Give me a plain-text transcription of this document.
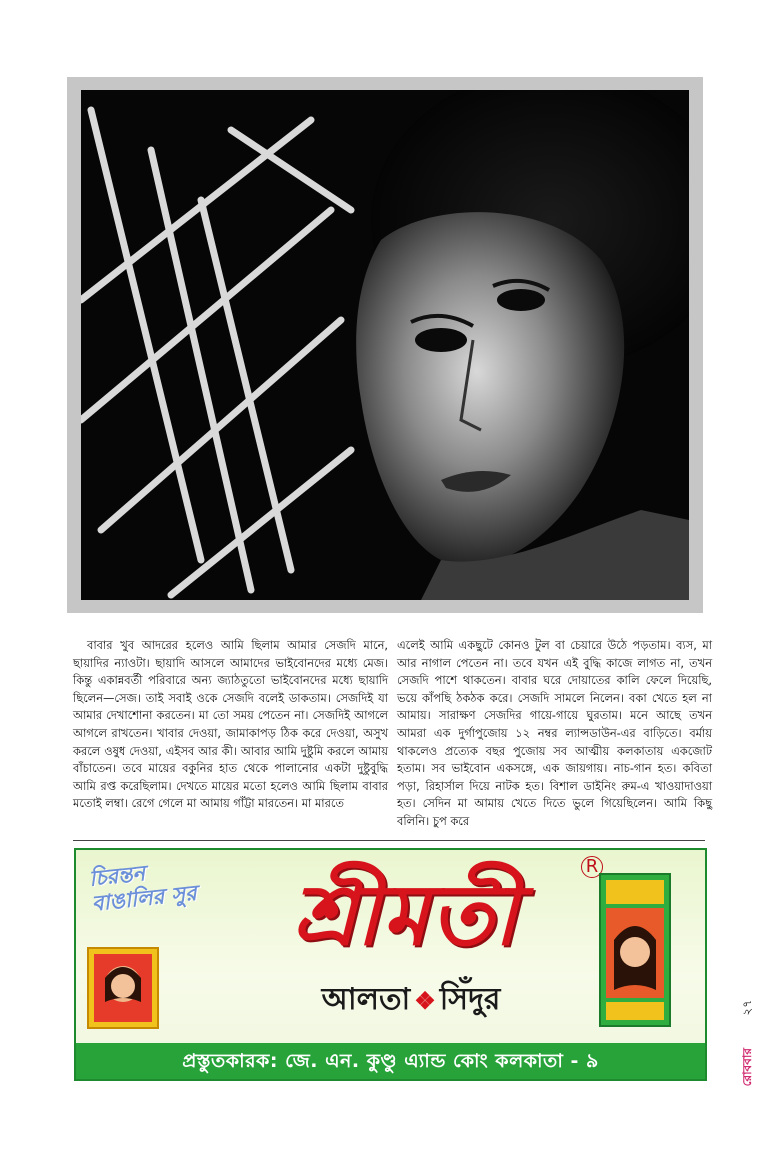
বাবার খুব আদরের হলেও আমি ছিলাম আমার সেজদি মানে, ছায়াদির ন্যাওটা। ছায়াদি আসলে আমাদের ভাইবোনদের মধ্যে মেজ। কিন্তু একান্নবর্তী পরিবারে অন্য জ্যাঠতুতো ভাইবোনদের মধ্যে ছায়াদি ছিলেন—সেজ। তাই সবাই ওকে সেজদি বলেই ডাকতাম। সেজদিই যা আমার দেখাশোনা করতেন। মা তো সময় পেতেন না। সেজদিই আগলে আগলে রাখতেন। খাবার দেওয়া, জামাকাপড় ঠিক করে দেওয়া, অসুখ করলে ওষুধ দেওয়া, এইসব আর কী। আবার আমি দুষ্টুমি করলে আমায় বাঁচাতেন। তবে মায়ের বকুনির হাত থেকে পালানোর একটা দুষ্টুবুদ্ধি আমি রপ্ত করেছিলাম। দেখতে মায়ের মতো হলেও আমি ছিলাম বাবার মতোই লম্বা। রেগে গেলে মা আমায় গাঁট্টা মারতেন। মা মারতে

এলেই আমি একছুটে কোনও টুল বা চেয়ারে উঠে পড়তাম। ব্যস, মা আর নাগাল পেতেন না। তবে যখন এই বুদ্ধি কাজে লাগত না, তখন সেজদি পাশে থাকতেন। বাবার ঘরে দোয়াতের কালি ফেলে দিয়েছি, ভয়ে কাঁপছি ঠকঠক করে। সেজদি সামলে নিলেন। বকা খেতে হল না আমায়। সারাক্ষণ সেজদির গায়ে-গায়ে ঘুরতাম। মনে আছে তখন আমরা এক দুর্গাপুজোয় ১২ নম্বর ল্যান্সডাউন-এর বাড়িতে। বর্মায় থাকলেও প্রত্যেক বছর পুজোয় সব আত্মীয় কলকাতায় একজোট হতাম। সব ভাইবোন একসঙ্গে, এক জায়গায়। নাচ-গান হত। কবিতা পড়া, রিহার্সাল দিয়ে নাটক হত। বিশাল ডাইনিং রুম-এ খাওয়াদাওয়া হত। সেদিন মা আমায় খেতে দিতে ভুলে গিয়েছিলেন। আমি কিছু বলিনি। চুপ করে

চিরন্তন
বাঙালির সুর	শ্রীমতী	R
আলতা ❖ সিঁদুর
প্রস্তুতকারক: জে. এন. কুণ্ডু এ্যান্ড কোং কলকাতা - ৯
২৭
রোববার
